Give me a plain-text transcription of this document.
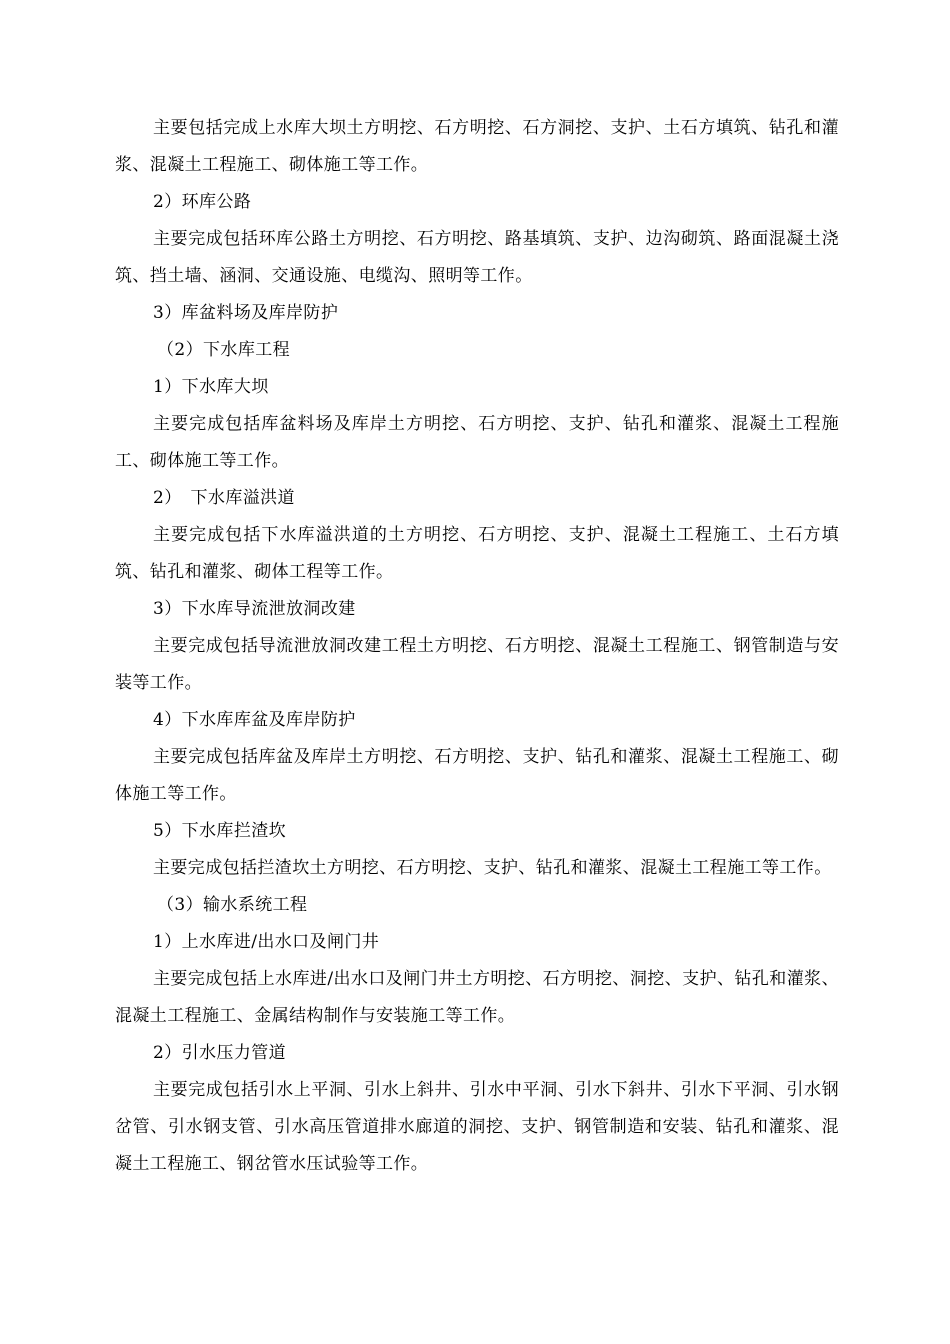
主要包括完成上水库大坝土方明挖、石方明挖、石方洞挖、支护、土石方填筑、钻孔和灌浆、混凝土工程施工、砌体施工等工作。

2）环库公路

主要完成包括环库公路土方明挖、石方明挖、路基填筑、支护、边沟砌筑、路面混凝土浇筑、挡土墙、涵洞、交通设施、电缆沟、照明等工作。

3）库盆料场及库岸防护

（2）下水库工程

1）下水库大坝

主要完成包括库盆料场及库岸土方明挖、石方明挖、支护、钻孔和灌浆、混凝土工程施工、砌体施工等工作。

2）　下水库溢洪道

主要完成包括下水库溢洪道的土方明挖、石方明挖、支护、混凝土工程施工、土石方填筑、钻孔和灌浆、砌体工程等工作。

3）下水库导流泄放洞改建

主要完成包括导流泄放洞改建工程土方明挖、石方明挖、混凝土工程施工、钢管制造与安装等工作。

4）下水库库盆及库岸防护

主要完成包括库盆及库岸土方明挖、石方明挖、支护、钻孔和灌浆、混凝土工程施工、砌体施工等工作。

5）下水库拦渣坎

主要完成包括拦渣坎土方明挖、石方明挖、支护、钻孔和灌浆、混凝土工程施工等工作。

（3）输水系统工程

1）上水库进/出水口及闸门井

主要完成包括上水库进/出水口及闸门井土方明挖、石方明挖、洞挖、支护、钻孔和灌浆、混凝土工程施工、金属结构制作与安装施工等工作。

2）引水压力管道

主要完成包括引水上平洞、引水上斜井、引水中平洞、引水下斜井、引水下平洞、引水钢岔管、引水钢支管、引水高压管道排水廊道的洞挖、支护、钢管制造和安装、钻孔和灌浆、混凝土工程施工、钢岔管水压试验等工作。
